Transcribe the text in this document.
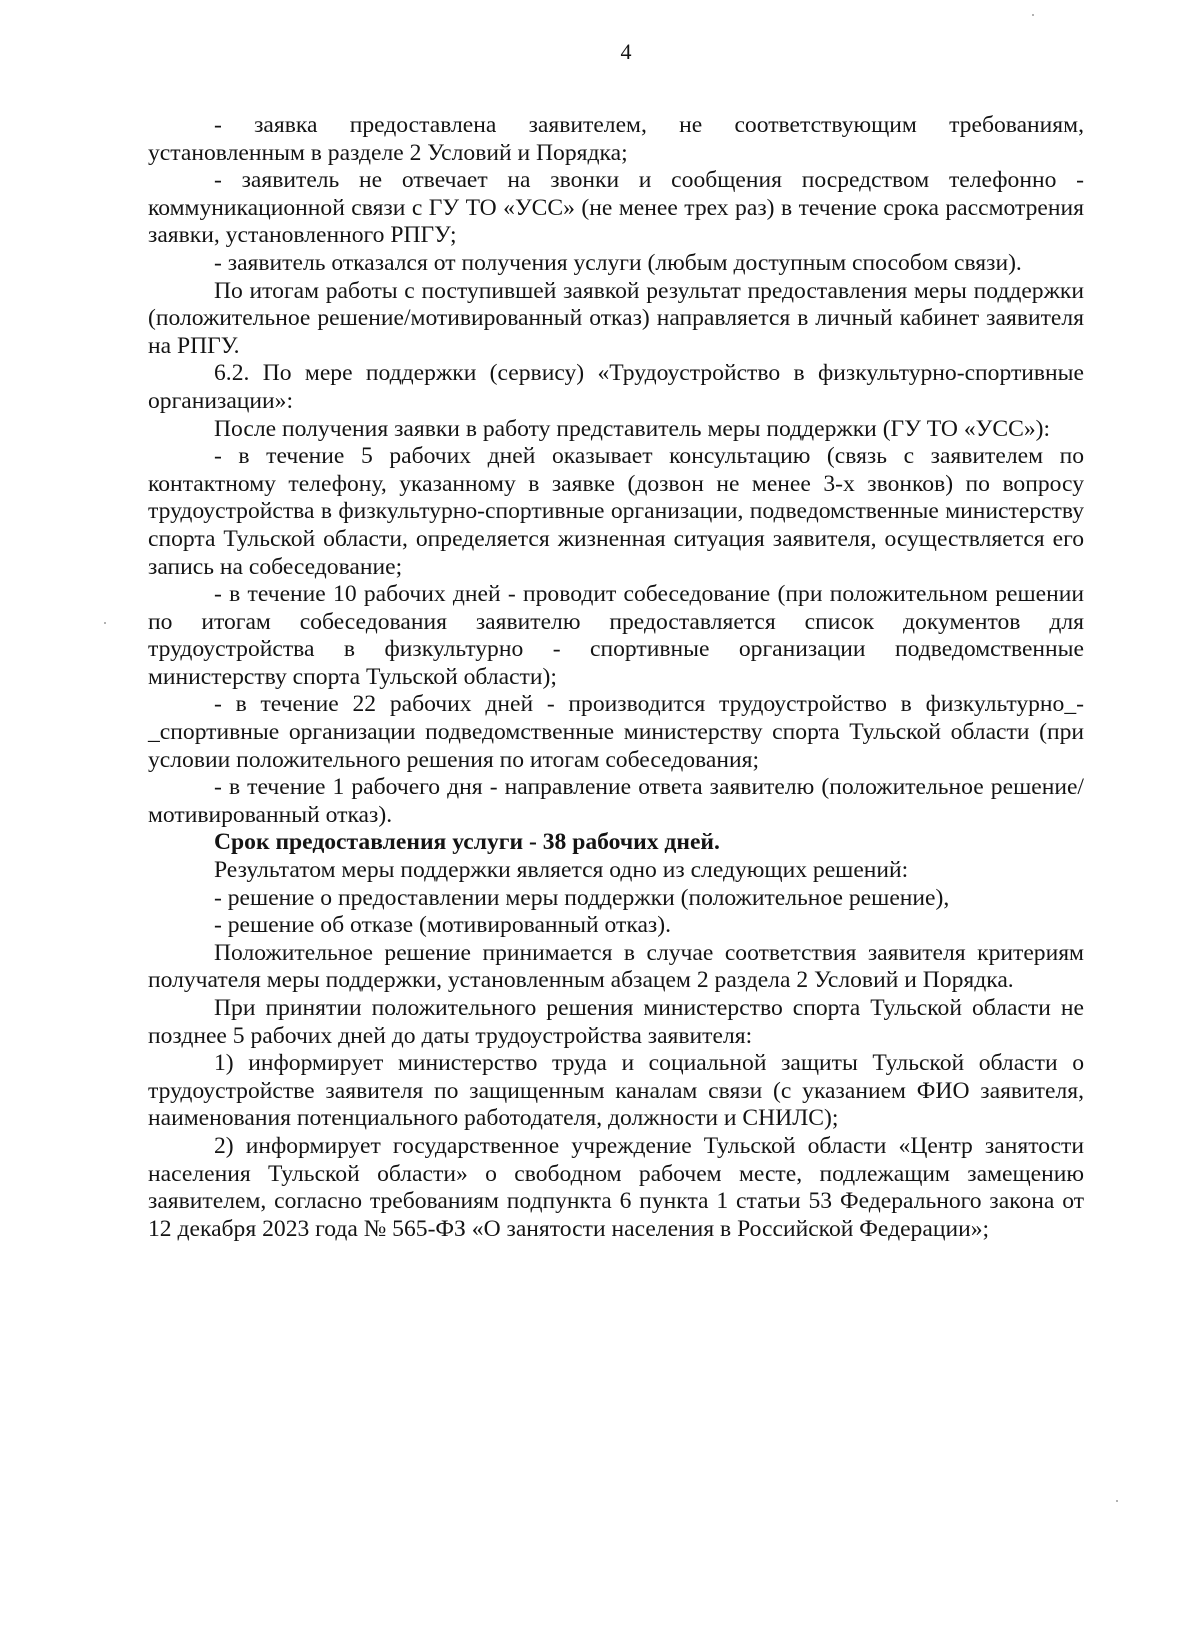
4

- заявка предоставлена заявителем, не соответствующим требованиям, установленным в разделе 2 Условий и Порядка;

- заявитель не отвечает на звонки и сообщения посредством телефонно - коммуникационной связи с ГУ ТО «УСС» (не менее трех раз) в течение срока рассмотрения заявки, установленного РПГУ;

- заявитель отказался от получения услуги (любым доступным способом связи).

По итогам работы с поступившей заявкой результат предоставления меры поддержки (положительное решение/мотивированный отказ) направляется в личный кабинет заявителя на РПГУ.

6.2. По мере поддержки (сервису) «Трудоустройство в физкультурно-спортивные организации»:

После получения заявки в работу представитель меры поддержки (ГУ ТО «УСС»):

- в течение 5 рабочих дней оказывает консультацию (связь с заявителем по контактному телефону, указанному в заявке (дозвон не менее 3-х звонков) по вопросу трудоустройства в физкультурно-спортивные организации, подведомственные министерству спорта Тульской области, определяется жизненная ситуация заявителя, осуществляется его запись на собеседование;

- в течение 10 рабочих дней - проводит собеседование (при положительном решении по итогам собеседования заявителю предоставляется список документов для трудоустройства в физкультурно - спортивные организации подведомственные министерству спорта Тульской области);

- в течение 22 рабочих дней - производится трудоустройство в физкультурно_-_спортивные организации подведомственные министерству спорта Тульской области (при условии положительного решения по итогам собеседования;

- в течение 1 рабочего дня - направление ответа заявителю (положительное решение/мотивированный отказ).

Срок предоставления услуги - 38 рабочих дней.

Результатом меры поддержки является одно из следующих решений:

- решение о предоставлении меры поддержки (положительное решение),

- решение об отказе (мотивированный отказ).

Положительное решение принимается в случае соответствия заявителя критериям получателя меры поддержки, установленным абзацем 2 раздела 2 Условий и Порядка.

При принятии положительного решения министерство спорта Тульской области не позднее 5 рабочих дней до даты трудоустройства заявителя:

1) информирует министерство труда и социальной защиты Тульской области о трудоустройстве заявителя по защищенным каналам связи (с указанием ФИО заявителя, наименования потенциального работодателя, должности и СНИЛС);

2) информирует государственное учреждение Тульской области «Центр занятости населения Тульской области» о свободном рабочем месте, подлежащим замещению заявителем, согласно требованиям подпункта 6 пункта 1 статьи 53 Федерального закона от 12 декабря 2023 года № 565-ФЗ «О занятости населения в Российской Федерации»;
